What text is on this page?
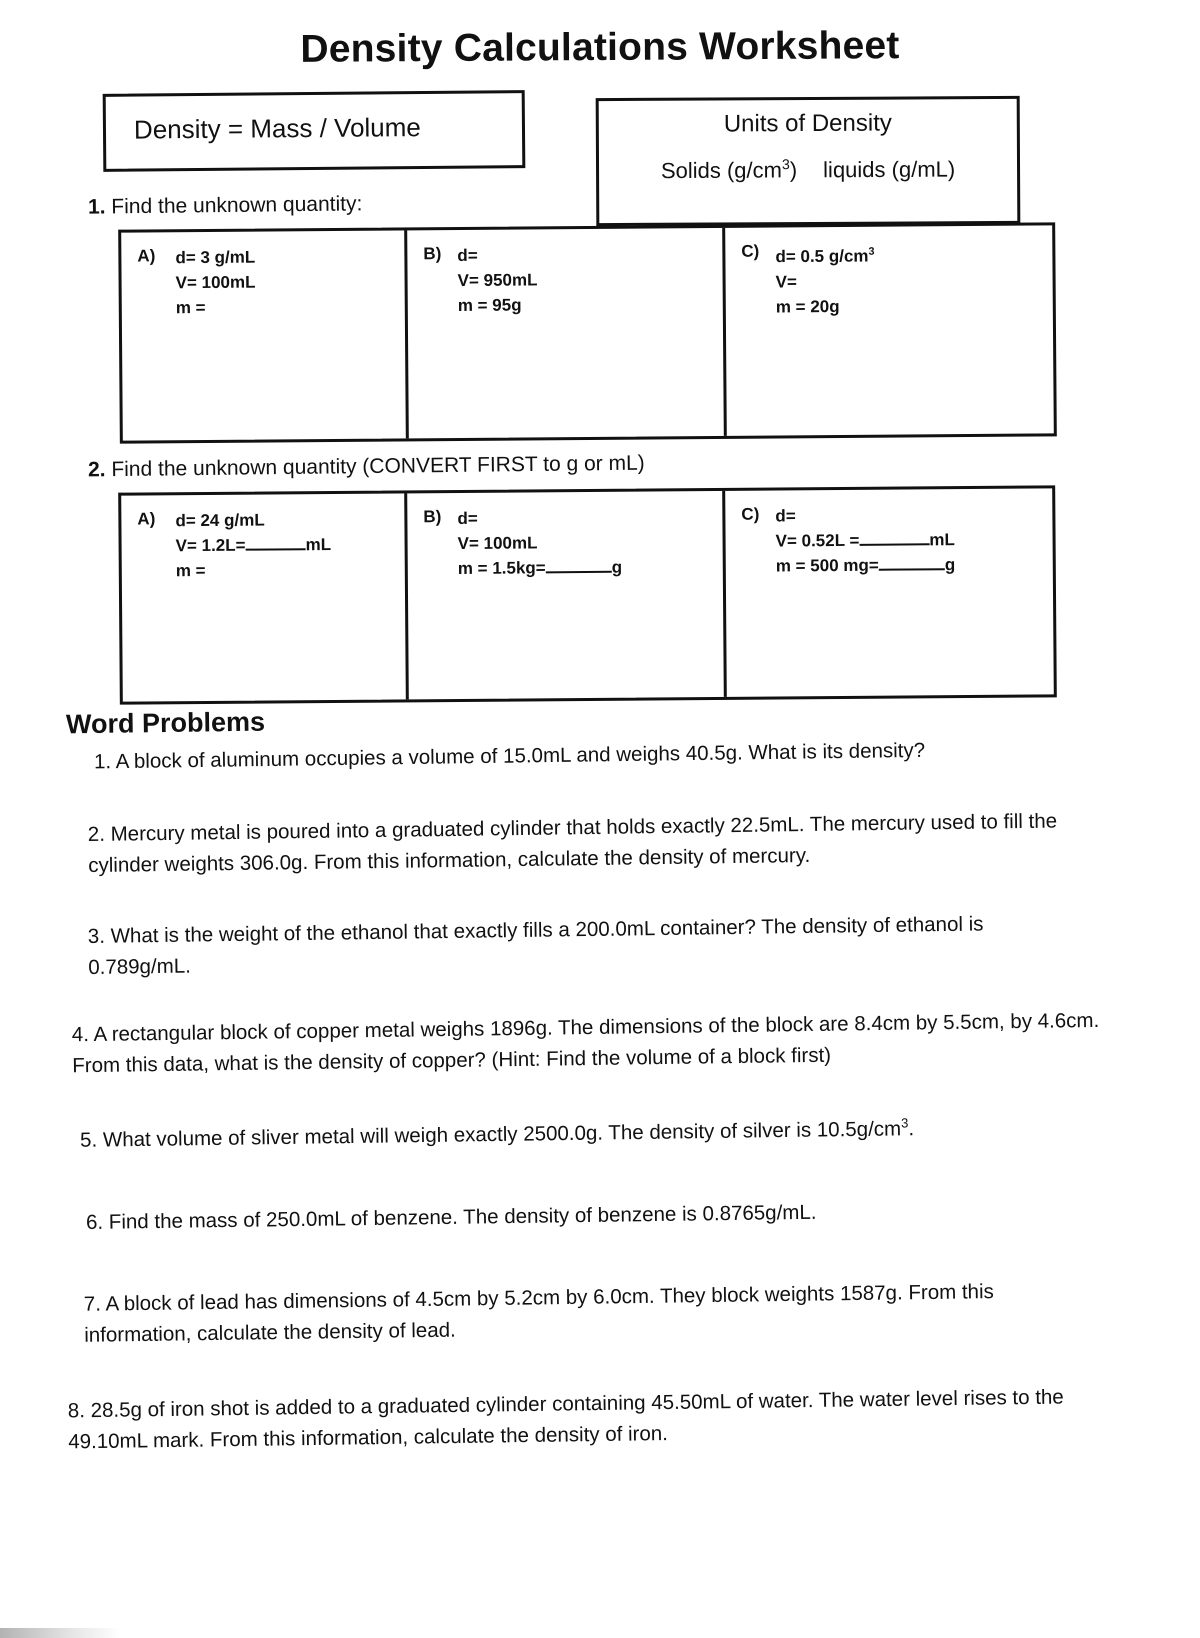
Density Calculations Worksheet
Density = Mass / Volume	Units of Density
Solids $(g/cm^3)$ liquids (g/mL)
1. Find the unknown quantity:
A) d= 3 g/mL
V= 100mL
m =
B) d=
V= 950mL
m = 95g
C) d= 0.5 $g/cm^3$
V=
m = 20g
2. Find the unknown quantity (CONVERT FIRST to g or mL)
A) d= 24 g/mL
V= 1.2L=	mL
m =
B) d=
V= 100mL
m = 1.5kg=	g
C) d=
V= 0.52L =	mL
m = 500 mg=	g
Word Problems
1. A block of aluminum occupies a volume of 15.0mL and weighs 40.5g. What is its density?
2. Mercury metal is poured into a graduated cylinder that holds exactly 22.5mL. The mercury used to fill the cylinder weights 306.0g. From this information, calculate the density of mercury.
3. What is the weight of the ethanol that exactly fills a 200.0mL container? The density of ethanol is 0.789g/mL.
4. A rectangular block of copper metal weighs 1896g. The dimensions of the block are 8.4cm by 5.5cm, by 4.6cm. From this data, what is the density of copper? (Hint: Find the volume of a block first)
5. What volume of sliver metal will weigh exactly 2500.0g. The density of silver is $10.5g/cm^3$.
6. Find the mass of 250.0mL of benzene. The density of benzene is 0.8765g/mL.
7. A block of lead has dimensions of 4.5cm by 5.2cm by 6.0cm. They block weights 1587g. From this information, calculate the density of lead.
8. 28.5g of iron shot is added to a graduated cylinder containing 45.50mL of water. The water level rises to the 49.10mL mark. From this information, calculate the density of iron.
